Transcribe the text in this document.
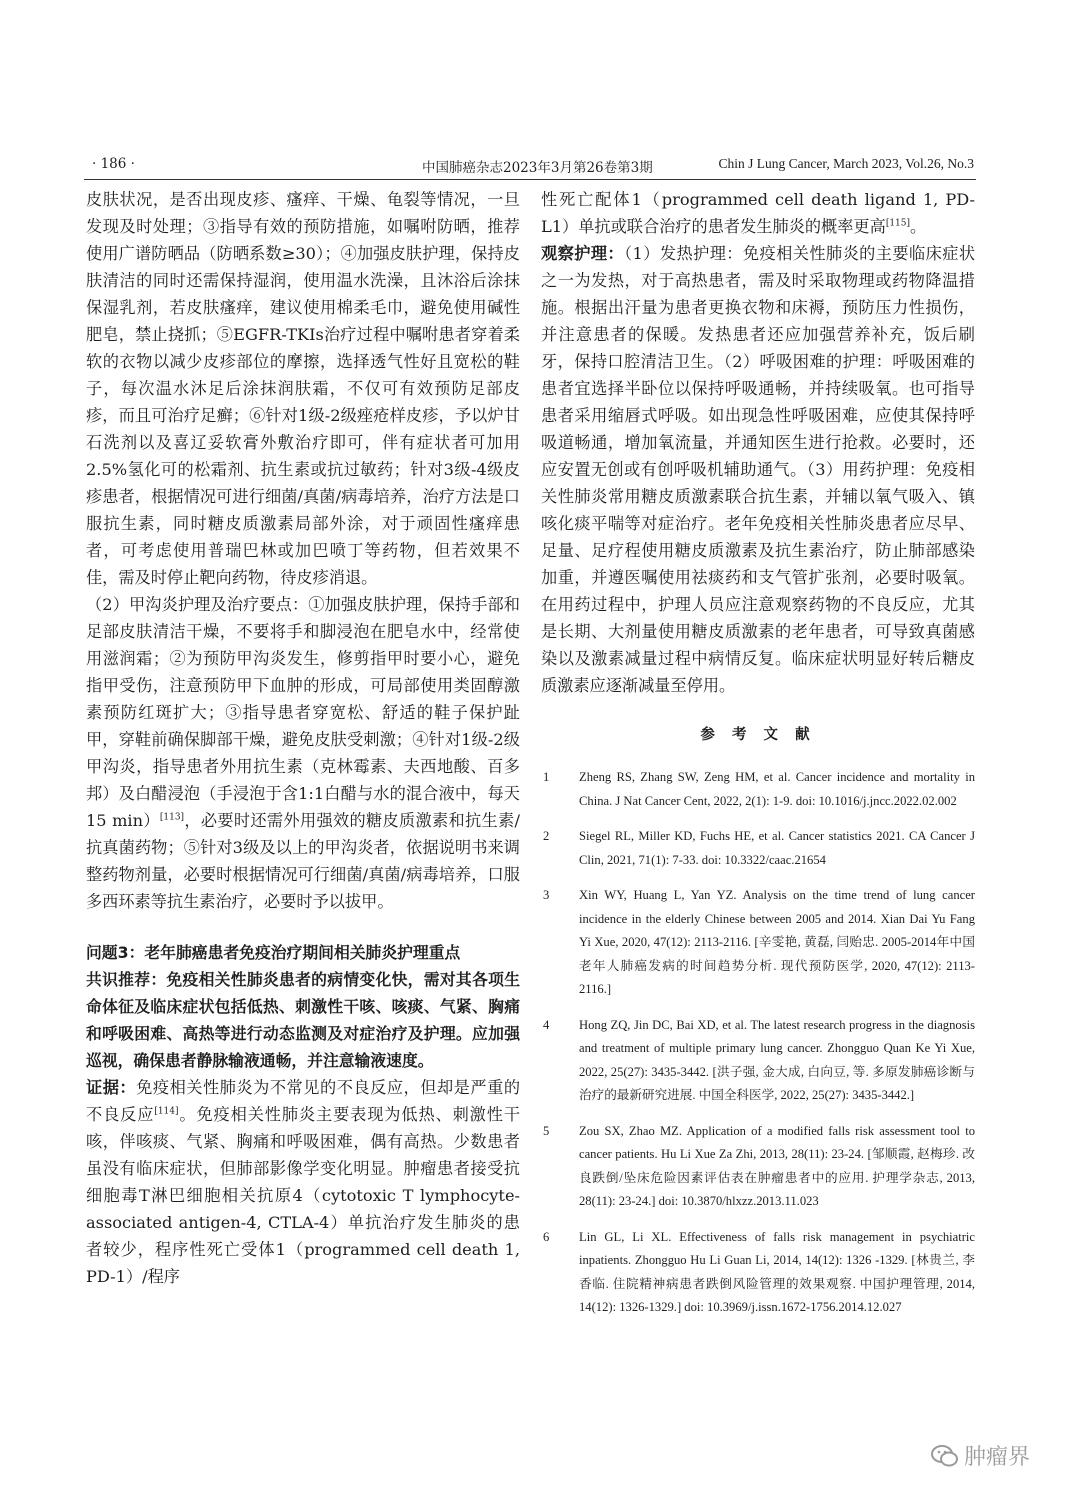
· 186 ·	中国肺癌杂志2023年3月第26卷第3期	Chin J Lung Cancer, March 2023, Vol.26, No.3

皮肤状况，是否出现皮疹、瘙痒、干燥、龟裂等情况，一旦发现及时处理；③指导有效的预防措施，如嘱咐防晒，推荐使用广谱防晒品（防晒系数≥30）；④加强皮肤护理，保持皮肤清洁的同时还需保持湿润，使用温水洗澡，且沐浴后涂抹保湿乳剂，若皮肤瘙痒，建议使用棉柔毛巾，避免使用碱性肥皂，禁止挠抓；⑤EGFR-TKIs治疗过程中嘱咐患者穿着柔软的衣物以减少皮疹部位的摩擦，选择透气性好且宽松的鞋子，每次温水沐足后涂抹润肤霜，不仅可有效预防足部皮疹，而且可治疗足癣；⑥针对1级-2级痤疮样皮疹，予以炉甘石洗剂以及喜辽妥软膏外敷治疗即可，伴有症状者可加用2.5%氢化可的松霜剂、抗生素或抗过敏药；针对3级-4级皮疹患者，根据情况可进行细菌/真菌/病毒培养，治疗方法是口服抗生素，同时糖皮质激素局部外涂，对于顽固性瘙痒患者，可考虑使用普瑞巴林或加巴喷丁等药物，但若效果不佳，需及时停止靶向药物，待皮疹消退。

（2）甲沟炎护理及治疗要点：①加强皮肤护理，保持手部和足部皮肤清洁干燥，不要将手和脚浸泡在肥皂水中，经常使用滋润霜；②为预防甲沟炎发生，修剪指甲时要小心，避免指甲受伤，注意预防甲下血肿的形成，可局部使用类固醇激素预防红斑扩大；③指导患者穿宽松、舒适的鞋子保护趾甲，穿鞋前确保脚部干燥，避免皮肤受刺激；④针对1级-2级甲沟炎，指导患者外用抗生素（克林霉素、夫西地酸、百多邦）及白醋浸泡（手浸泡于含1:1白醋与水的混合液中，每天15 min）[113]，必要时还需外用强效的糖皮质激素和抗生素/抗真菌药物；⑤针对3级及以上的甲沟炎者，依据说明书来调整药物剂量，必要时根据情况可行细菌/真菌/病毒培养，口服多西环素等抗生素治疗，必要时予以拔甲。

问题3：老年肺癌患者免疫治疗期间相关肺炎护理重点

共识推荐：免疫相关性肺炎患者的病情变化快，需对其各项生命体征及临床症状包括低热、刺激性干咳、咳痰、气紧、胸痛和呼吸困难、高热等进行动态监测及对症治疗及护理。应加强巡视，确保患者静脉输液通畅，并注意输液速度。

证据：免疫相关性肺炎为不常见的不良反应，但却是严重的不良反应[114]。免疫相关性肺炎主要表现为低热、刺激性干咳，伴咳痰、气紧、胸痛和呼吸困难，偶有高热。少数患者虽没有临床症状，但肺部影像学变化明显。肿瘤患者接受抗细胞毒T淋巴细胞相关抗原4（cytotoxic T lymphocyte-associated antigen-4, CTLA-4）单抗治疗发生肺炎的患者较少，程序性死亡受体1（programmed cell death 1, PD-1）/程序

性死亡配体1（programmed cell death ligand 1, PD-L1）单抗或联合治疗的患者发生肺炎的概率更高[115]。

观察护理：（1）发热护理：免疫相关性肺炎的主要临床症状之一为发热，对于高热患者，需及时采取物理或药物降温措施。根据出汗量为患者更换衣物和床褥，预防压力性损伤，并注意患者的保暖。发热患者还应加强营养补充，饭后刷牙，保持口腔清洁卫生。（2）呼吸困难的护理：呼吸困难的患者宜选择半卧位以保持呼吸通畅，并持续吸氧。也可指导患者采用缩唇式呼吸。如出现急性呼吸困难，应使其保持呼吸道畅通，增加氧流量，并通知医生进行抢救。必要时，还应安置无创或有创呼吸机辅助通气。（3）用药护理：免疫相关性肺炎常用糖皮质激素联合抗生素，并辅以氧气吸入、镇咳化痰平喘等对症治疗。老年免疫相关性肺炎患者应尽早、足量、足疗程使用糖皮质激素及抗生素治疗，防止肺部感染加重，并遵医嘱使用祛痰药和支气管扩张剂，必要时吸氧。在用药过程中，护理人员应注意观察药物的不良反应，尤其是长期、大剂量使用糖皮质激素的老年患者，可导致真菌感染以及激素减量过程中病情反复。临床症状明显好转后糖皮质激素应逐渐减量至停用。

参 考 文 献
1 Zheng RS, Zhang SW, Zeng HM, et al. Cancer incidence and mortality in China. J Nat Cancer Cent, 2022, 2(1): 1-9. doi: 10.1016/j.jncc.2022.02.002
2 Siegel RL, Miller KD, Fuchs HE, et al. Cancer statistics 2021. CA Cancer J Clin, 2021, 71(1): 7-33. doi: 10.3322/caac.21654
3 Xin WY, Huang L, Yan YZ. Analysis on the time trend of lung cancer incidence in the elderly Chinese between 2005 and 2014. Xian Dai Yu Fang Yi Xue, 2020, 47(12): 2113-2116. [辛雯艳, 黄磊, 闫贻忠. 2005-2014年中国老年人肺癌发病的时间趋势分析. 现代预防医学, 2020, 47(12): 2113-2116.]
4 Hong ZQ, Jin DC, Bai XD, et al. The latest research progress in the diagnosis and treatment of multiple primary lung cancer. Zhongguo Quan Ke Yi Xue, 2022, 25(27): 3435-3442. [洪子强, 金大成, 白向豆, 等. 多原发肺癌诊断与治疗的最新研究进展. 中国全科医学, 2022, 25(27): 3435-3442.]
5 Zou SX, Zhao MZ. Application of a modified falls risk assessment tool to cancer patients. Hu Li Xue Za Zhi, 2013, 28(11): 23-24. [邹顺霞, 赵梅珍. 改良跌倒/坠床危险因素评估表在肿瘤患者中的应用. 护理学杂志, 2013, 28(11): 23-24.] doi: 10.3870/hlxzz.2013.11.023
6 Lin GL, Li XL. Effectiveness of falls risk management in psychiatric inpatients. Zhongguo Hu Li Guan Li, 2014, 14(12): 1326 -1329. [林贵兰, 李香临. 住院精神病患者跌倒风险管理的效果观察. 中国护理管理, 2014, 14(12): 1326-1329.] doi: 10.3969/j.issn.1672-1756.2014.12.027
肿瘤界
